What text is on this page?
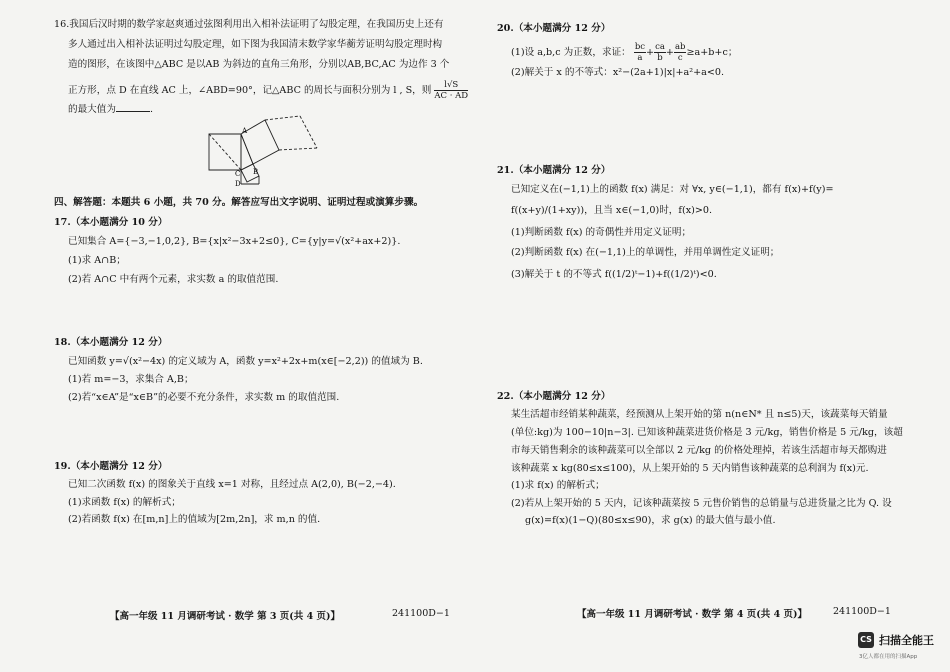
16.我国后汉时期的数学家赵爽通过弦图利用出入相补法证明了勾股定理，在我国历史上还有
多人通过出入相补法证明过勾股定理，如下图为我国清末数学家华蘅芳证明勾股定理时构
造的图形，在该图中△ABC 是以AB 为斜边的直角三角形，分别以AB,BC,AC 为边作 3 个
正方形，点 D 在直线 AC 上，∠ABD=90°，记△ABC 的周长与面积分别为 l , S，则 $\frac{l√S}{AC \cdot AD}$
的最大值为	.
A
B
C
D
四、解答题：本题共 6 小题，共 70 分。解答应写出文字说明、证明过程或演算步骤。
17.（本小题满分 10 分）
已知集合 A={−3,−1,0,2}, B={x|x²−3x+2≤0}, C={y|y=√(x²+ax+2)}.
(1)求 A∩B；
(2)若 A∩C 中有两个元素，求实数 a 的取值范围.
18.（本小题满分 12 分）
已知函数 y=√(x²−4x) 的定义域为 A，函数 y=x²+2x+m(x∈[−2,2)) 的值域为 B.
(1)若 m=−3，求集合 A,B；
(2)若“x∈A”是“x∈B”的必要不充分条件，求实数 m 的取值范围.
19.（本小题满分 12 分）
已知二次函数 f(x) 的图象关于直线 x=1 对称，且经过点 A(2,0), B(−2,−4).
(1)求函数 f(x) 的解析式；
(2)若函数 f(x) 在[m,n]上的值域为[2m,2n]，求 m,n 的值.
【高一年级 11 月调研考试 · 数学 第 3 页(共 4 页)】	241100D−1
20.（本小题满分 12 分）
(1)设 a,b,c 为正数，求证： $\frac{bc}{a} + \frac{ca}{b} + \frac{ab}{c} \ge a+b+c$；
(2)解关于 x 的不等式：x²−(2a+1)|x|+a²+a<0.
21.（本小题满分 12 分）
已知定义在(−1,1)上的函数 f(x) 满足：对 ∀x, y∈(−1,1)，都有 f(x)+f(y)=
f((x+y)/(1+xy))，且当 x∈(−1,0)时，f(x)>0.
(1)判断函数 f(x) 的奇偶性并用定义证明；
(2)判断函数 f(x) 在(−1,1)上的单调性，并用单调性定义证明；
(3)解关于 t 的不等式 f((1/2)ᵗ−1)+f((1/2)ᵗ)<0.
22.（本小题满分 12 分）
某生活超市经销某种蔬菜，经预测从上架开始的第 n(n∈N* 且 n≤5)天，该蔬菜每天销量
(单位:kg)为 100−10|n−3|. 已知该种蔬菜进货价格是 3 元/kg，销售价格是 5 元/kg，该超
市每天销售剩余的该种蔬菜可以全部以 2 元/kg 的价格处理掉，若该生活超市每天都购进
该种蔬菜 x kg(80≤x≤100)，从上架开始的 5 天内销售该种蔬菜的总利润为 f(x)元.
(1)求 f(x) 的解析式；
(2)若从上架开始的 5 天内，记该种蔬菜按 5 元售价销售的总销量与总进货量之比为 Q. 设
g(x)=f(x)(1−Q)(80≤x≤90)，求 g(x) 的最大值与最小值.
【高一年级 11 月调研考试 · 数学 第 4 页(共 4 页)】	241100D−1
CS 扫描全能王
3亿人都在用的扫描App
